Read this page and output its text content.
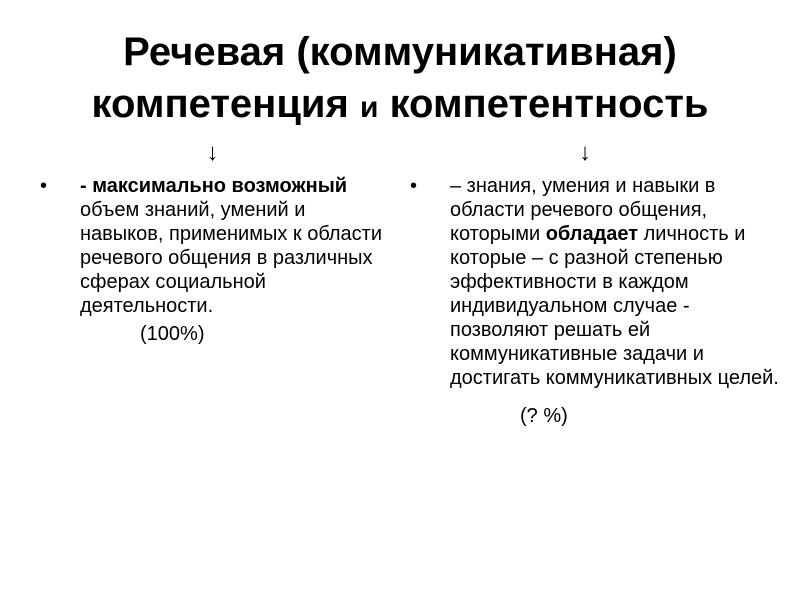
Речевая (коммуникативная)
компетенция и компетентность

↓

• - максимально возможный объем знаний, умений и навыков, применимых к области речевого общения в различных сферах социальной деятельности.
(100%)

↓

• – знания, умения и навыки в области речевого общения, которыми обладает личность и которые – с разной степенью эффективности в каждом индивидуальном случае - позволяют решать ей коммуникативные задачи и достигать коммуникативных целей.
(? %)
